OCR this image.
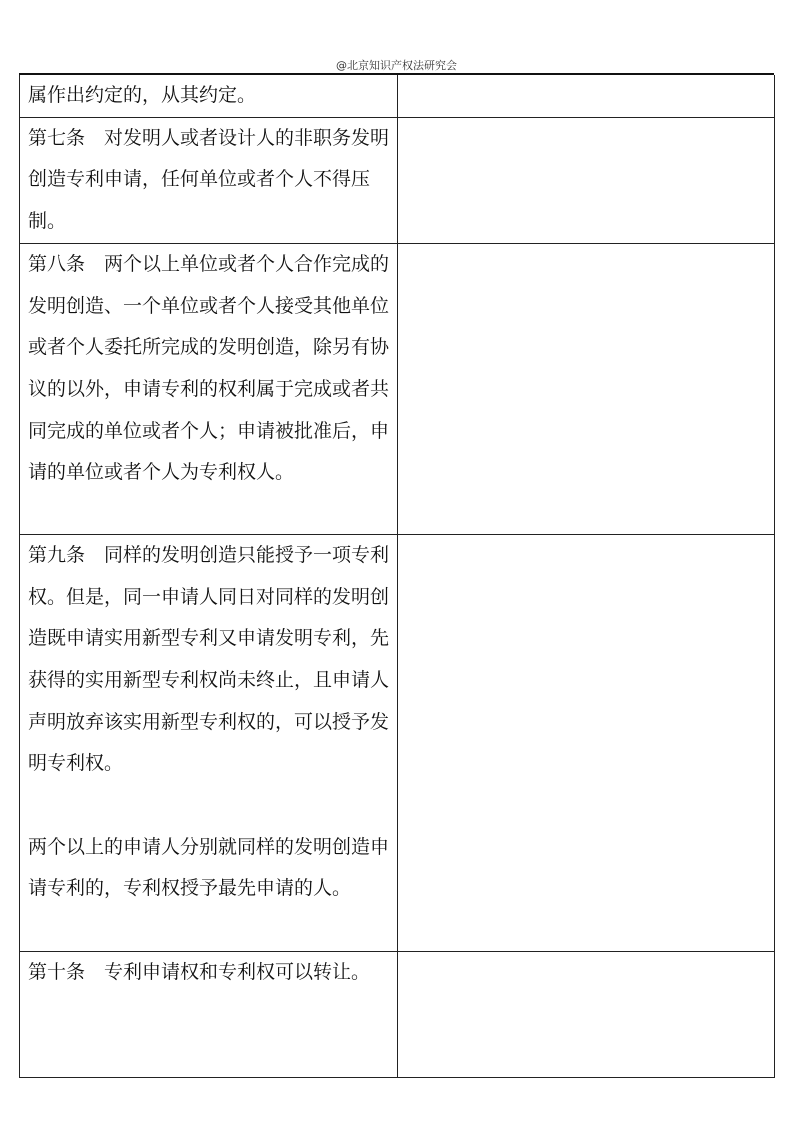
@北京知识产权法研究会
属作出约定的，从其约定。	

第七条　对发明人或者设计人的非职务发明创造专利申请，任何单位或者个人不得压制。	

第八条　两个以上单位或者个人合作完成的发明创造、一个单位或者个人接受其他单位或者个人委托所完成的发明创造，除另有协议的以外，申请专利的权利属于完成或者共同完成的单位或者个人；申请被批准后，申请的单位或者个人为专利权人。	

第九条　同样的发明创造只能授予一项专利权。但是，同一申请人同日对同样的发明创造既申请实用新型专利又申请发明专利，先获得的实用新型专利权尚未终止，且申请人声明放弃该实用新型专利权的，可以授予发明专利权。
两个以上的申请人分别就同样的发明创造申请专利的，专利权授予最先申请的人。	

第十条　专利申请权和专利权可以转让。	
